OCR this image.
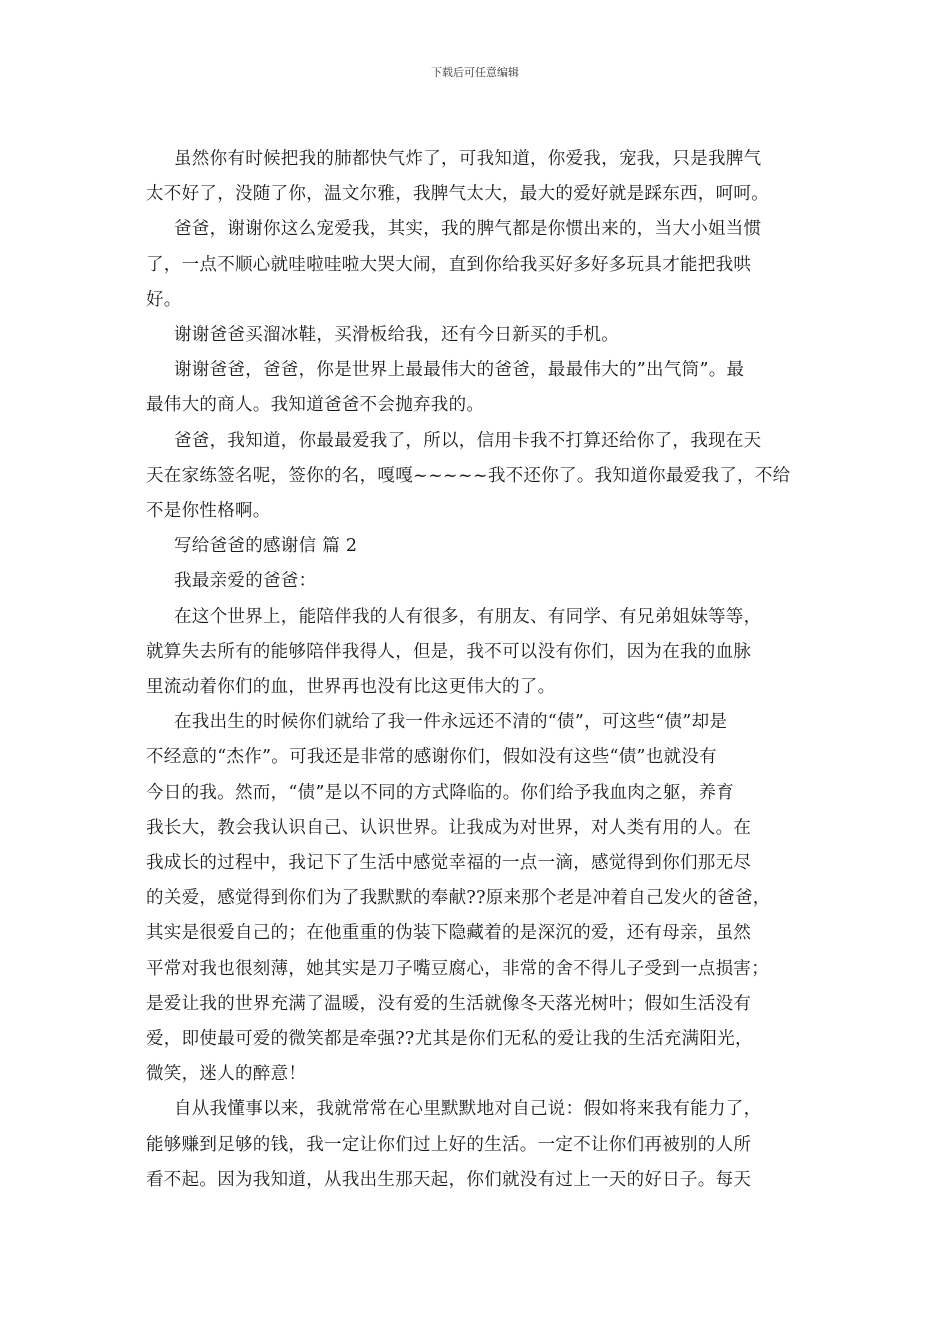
下载后可任意编辑

虽然你有时候把我的肺都快气炸了，可我知道，你爱我，宠我，只是我脾气
太不好了，没随了你，温文尔雅，我脾气太大，最大的爱好就是踩东西，呵呵。

爸爸，谢谢你这么宠爱我，其实，我的脾气都是你惯出来的，当大小姐当惯
了，一点不顺心就哇啦哇啦大哭大闹，直到你给我买好多好多玩具才能把我哄
好。

谢谢爸爸买溜冰鞋，买滑板给我，还有今日新买的手机。

谢谢爸爸，爸爸，你是世界上最最伟大的爸爸，最最伟大的”出气筒”。最
最伟大的商人。我知道爸爸不会抛弃我的。

爸爸，我知道，你最最爱我了，所以，信用卡我不打算还给你了，我现在天
天在家练签名呢，签你的名，嘎嘎~~~~~我不还你了。我知道你最爱我了，不给
不是你性格啊。

写给爸爸的感谢信 篇 2

我最亲爱的爸爸：

在这个世界上，能陪伴我的人有很多，有朋友、有同学、有兄弟姐妹等等，
就算失去所有的能够陪伴我得人，但是，我不可以没有你们，因为在我的血脉
里流动着你们的血，世界再也没有比这更伟大的了。

在我出生的时候你们就给了我一件永远还不清的“债”，可这些“债”却是
不经意的“杰作”。可我还是非常的感谢你们，假如没有这些“债”也就没有
今日的我。然而，“债”是以不同的方式降临的。你们给予我血肉之躯，养育
我长大，教会我认识自己、认识世界。让我成为对世界，对人类有用的人。在
我成长的过程中，我记下了生活中感觉幸福的一点一滴，感觉得到你们那无尽
的关爱，感觉得到你们为了我默默的奉献??原来那个老是冲着自己发火的爸爸，
其实是很爱自己的；在他重重的伪装下隐藏着的是深沉的爱，还有母亲，虽然
平常对我也很刻薄，她其实是刀子嘴豆腐心，非常的舍不得儿子受到一点损害；
是爱让我的世界充满了温暖，没有爱的生活就像冬天落光树叶；假如生活没有
爱，即使最可爱的微笑都是牵强??尤其是你们无私的爱让我的生活充满阳光，
微笑，迷人的醉意！

自从我懂事以来，我就常常在心里默默地对自己说：假如将来我有能力了，
能够赚到足够的钱，我一定让你们过上好的生活。一定不让你们再被别的人所
看不起。因为我知道，从我出生那天起，你们就没有过上一天的好日子。每天
